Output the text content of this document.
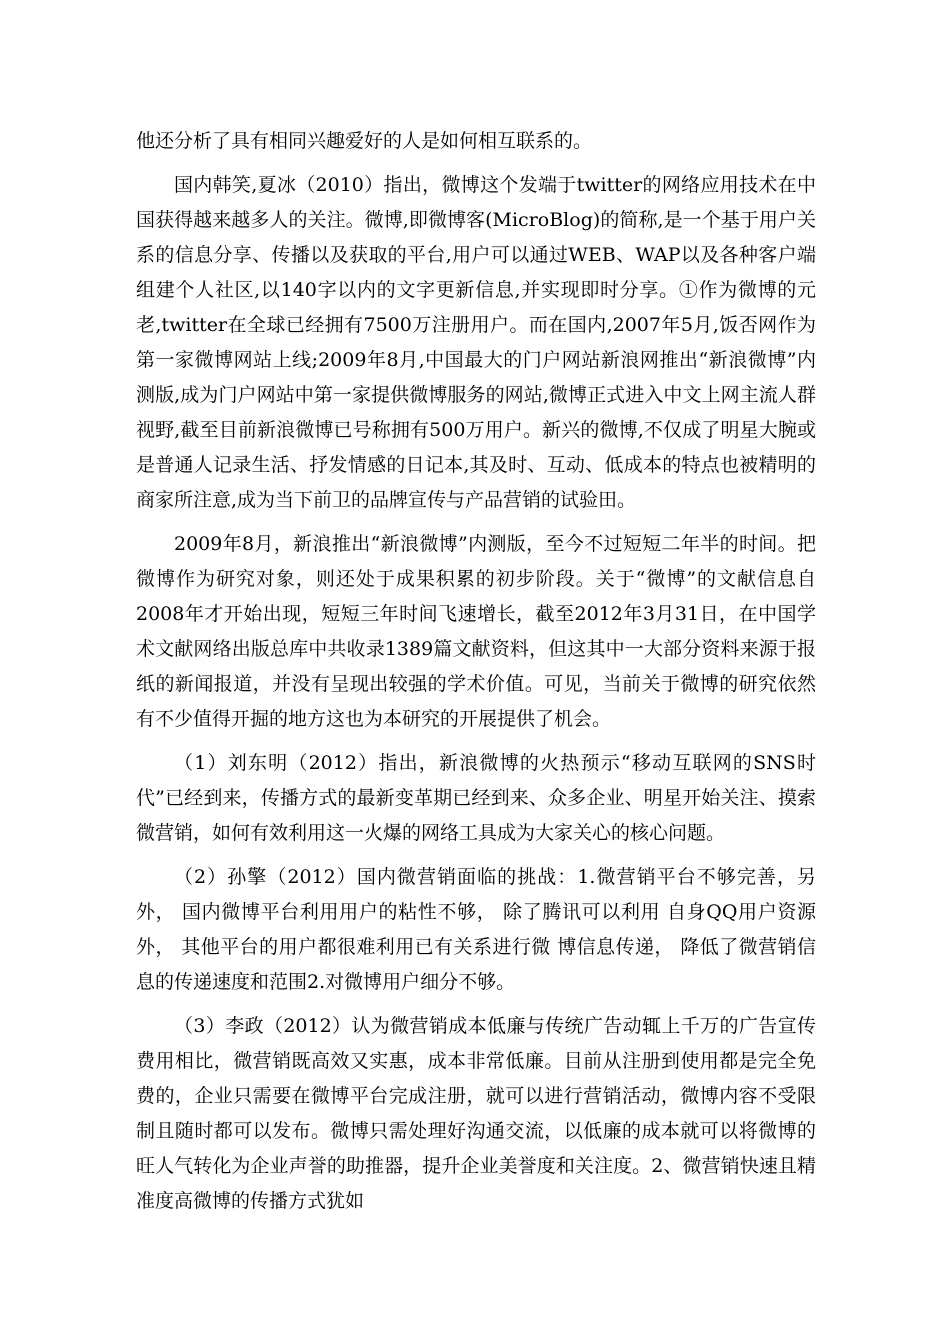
他还分析了具有相同兴趣爱好的人是如何相互联系的。

国内韩笑,夏冰（2010）指出，微博这个发端于twitter的网络应用技术在中国获得越来越多人的关注。微博,即微博客(MicroBlog)的简称,是一个基于用户关系的信息分享、传播以及获取的平台,用户可以通过WEB、WAP以及各种客户端组建个人社区,以140字以内的文字更新信息,并实现即时分享。①作为微博的元老,twitter在全球已经拥有7500万注册用户。而在国内,2007年5月,饭否网作为第一家微博网站上线;2009年8月,中国最大的门户网站新浪网推出“新浪微博”内测版,成为门户网站中第一家提供微博服务的网站,微博正式进入中文上网主流人群视野,截至目前新浪微博已号称拥有500万用户。新兴的微博,不仅成了明星大腕或是普通人记录生活、抒发情感的日记本,其及时、互动、低成本的特点也被精明的商家所注意,成为当下前卫的品牌宣传与产品营销的试验田。

2009年8月，新浪推出“新浪微博”内测版，至今不过短短二年半的时间。把微博作为研究对象，则还处于成果积累的初步阶段。关于“微博”的文献信息自2008年才开始出现，短短三年时间飞速增长，截至2012年3月31日，在中国学术文献网络出版总库中共收录1389篇文献资料，但这其中一大部分资料来源于报纸的新闻报道，并没有呈现出较强的学术价值。可见，当前关于微博的研究依然有不少值得开掘的地方这也为本研究的开展提供了机会。

（1）刘东明（2012）指出，新浪微博的火热预示“移动互联网的SNS时代”已经到来，传播方式的最新变革期已经到来、众多企业、明星开始关注、摸索微营销，如何有效利用这一火爆的网络工具成为大家关心的核心问题。

（2）孙擎（2012）国内微营销面临的挑战：1.微营销平台不够完善，另外， 国内微博平台利用用户的粘性不够， 除了腾讯可以利用 自身QQ用户资源外， 其他平台的用户都很难利用已有关系进行微 博信息传递， 降低了微营销信息的传递速度和范围2.对微博用户细分不够。

（3）李政（2012）认为微营销成本低廉与传统广告动辄上千万的广告宣传费用相比，微营销既高效又实惠，成本非常低廉。目前从注册到使用都是完全免费的，企业只需要在微博平台完成注册，就可以进行营销活动，微博内容不受限制且随时都可以发布。微博只需处理好沟通交流，以低廉的成本就可以将微博的旺人气转化为企业声誉的助推器，提升企业美誉度和关注度。2、微营销快速且精准度高微博的传播方式犹如
